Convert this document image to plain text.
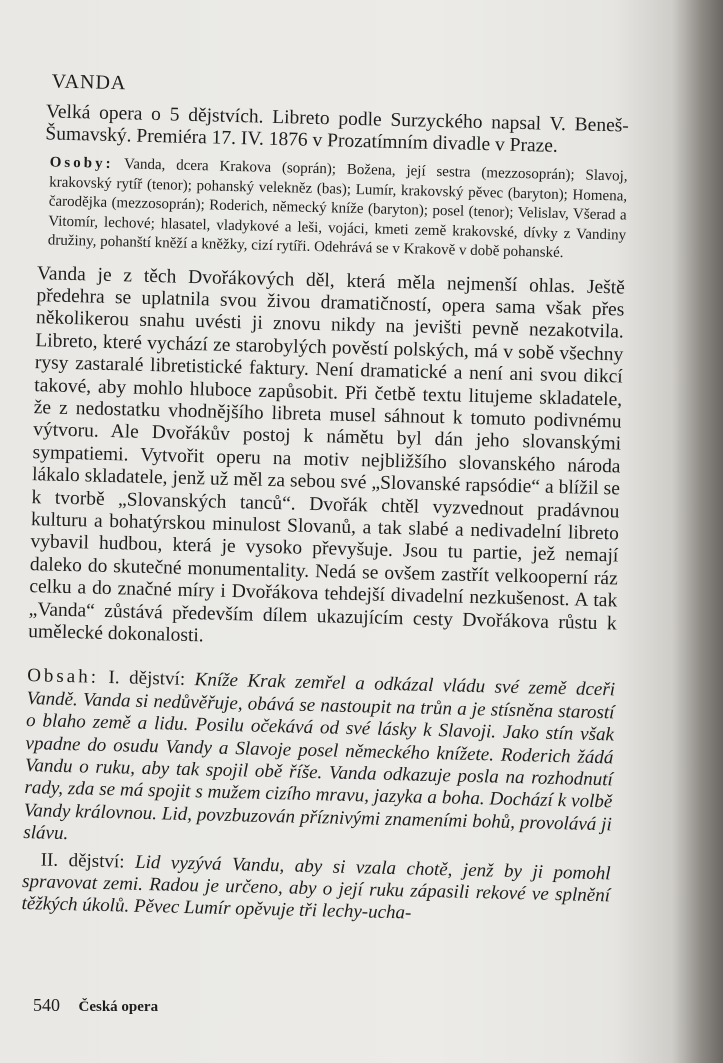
VANDA

Velká opera o 5 dějstvích. Libreto podle Surzyckého napsal V. Beneš-Šumavský. Premiéra 17. IV. 1876 v Prozatímním divadle v Praze.

Osoby: Vanda, dcera Krakova (soprán); Božena, její sestra (mezzosoprán); Slavoj, krakovský rytíř (tenor); pohanský velekněz (bas); Lumír, krakovský pěvec (baryton); Homena, čarodějka (mezzosoprán); Roderich, německý kníže (baryton); posel (tenor); Velislav, Všerad a Vitomír, lechové; hlasatel, vladykové a leši, vojáci, kmeti země krakovské, dívky z Vandiny družiny, pohanští kněží a kněžky, cizí rytíři. Odehrává se v Krakově v době pohanské.

Vanda je z těch Dvořákových děl, která měla nejmenší ohlas. Ještě předehra se uplatnila svou živou dramatičností, opera sama však přes několikerou snahu uvésti ji znovu nikdy na jevišti pevně nezakotvila. Libreto, které vychází ze starobylých pověstí polských, má v sobě všechny rysy zastaralé libretistické faktury. Není dramatické a není ani svou dikcí takové, aby mohlo hluboce zapůsobit. Při četbě textu litujeme skladatele, že z nedostatku vhodnějšího libreta musel sáhnout k tomuto podivnému výtvoru. Ale Dvořákův postoj k námětu byl dán jeho slovanskými sympatiemi. Vytvořit operu na motiv nejbližšího slovanského národa lákalo skladatele, jenž už měl za sebou své „Slovanské rapsódie“ a blížil se k tvorbě „Slovanských tanců“. Dvořák chtěl vyzvednout pradávnou kulturu a bohatýrskou minulost Slovanů, a tak slabé a nedivadelní libreto vybavil hudbou, která je vysoko převyšuje. Jsou tu partie, jež nemají daleko do skutečné monumentality. Nedá se ovšem zastřít velkooperní ráz celku a do značné míry i Dvořákova tehdejší divadelní nezkušenost. A tak „Vanda“ zůstává především dílem ukazujícím cesty Dvořákova růstu k umělecké dokonalosti.

Obsah: I. dějství: Kníže Krak zemřel a odkázal vládu své země dceři Vandě. Vanda si nedůvěřuje, obává se nastoupit na trůn a je stísněna starostí o blaho země a lidu. Posilu očekává od své lásky k Slavoji. Jako stín však vpadne do osudu Vandy a Slavoje posel německého knížete. Roderich žádá Vandu o ruku, aby tak spojil obě říše. Vanda odkazuje posla na rozhodnutí rady, zda se má spojit s mužem cizího mravu, jazyka a boha. Dochází k volbě Vandy královnou. Lid, povzbuzován příznivými znameními bohů, provolává ji slávu.

II. dějství: Lid vyzývá Vandu, aby si vzala chotě, jenž by ji pomohl spravovat zemi. Radou je určeno, aby o její ruku zápasili rekové ve splnění těžkých úkolů. Pěvec Lumír opěvuje tři lechy-ucha-

540 Česká opera
